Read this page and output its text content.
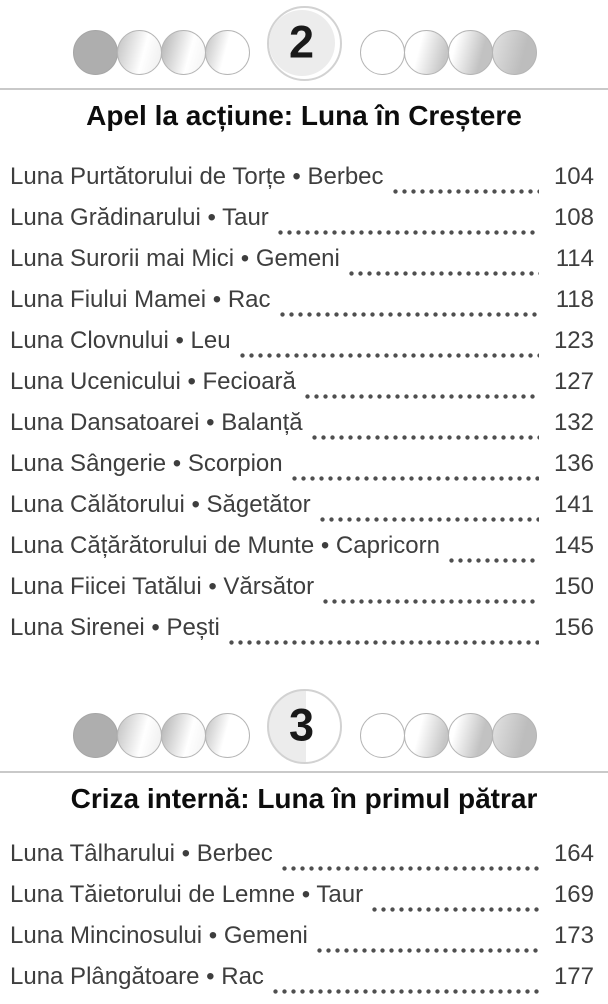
2
Apel la acțiune: Luna în Creștere
Luna Purtătorului de Torțe • Berbec	104
Luna Grădinarului • Taur	108
Luna Surorii mai Mici • Gemeni	114
Luna Fiului Mamei • Rac	118
Luna Clovnului • Leu	123
Luna Ucenicului • Fecioară	127
Luna Dansatoarei • Balanță	132
Luna Sângerie • Scorpion	136
Luna Călătorului • Săgetător	141
Luna Cățărătorului de Munte • Capricorn	145
Luna Fiicei Tatălui • Vărsător	150
Luna Sirenei • Pești	156
3
Criza internă: Luna în primul pătrar
Luna Tâlharului • Berbec	164
Luna Tăietorului de Lemne • Taur	169
Luna Mincinosului • Gemeni	173
Luna Plângătoare • Rac	177
